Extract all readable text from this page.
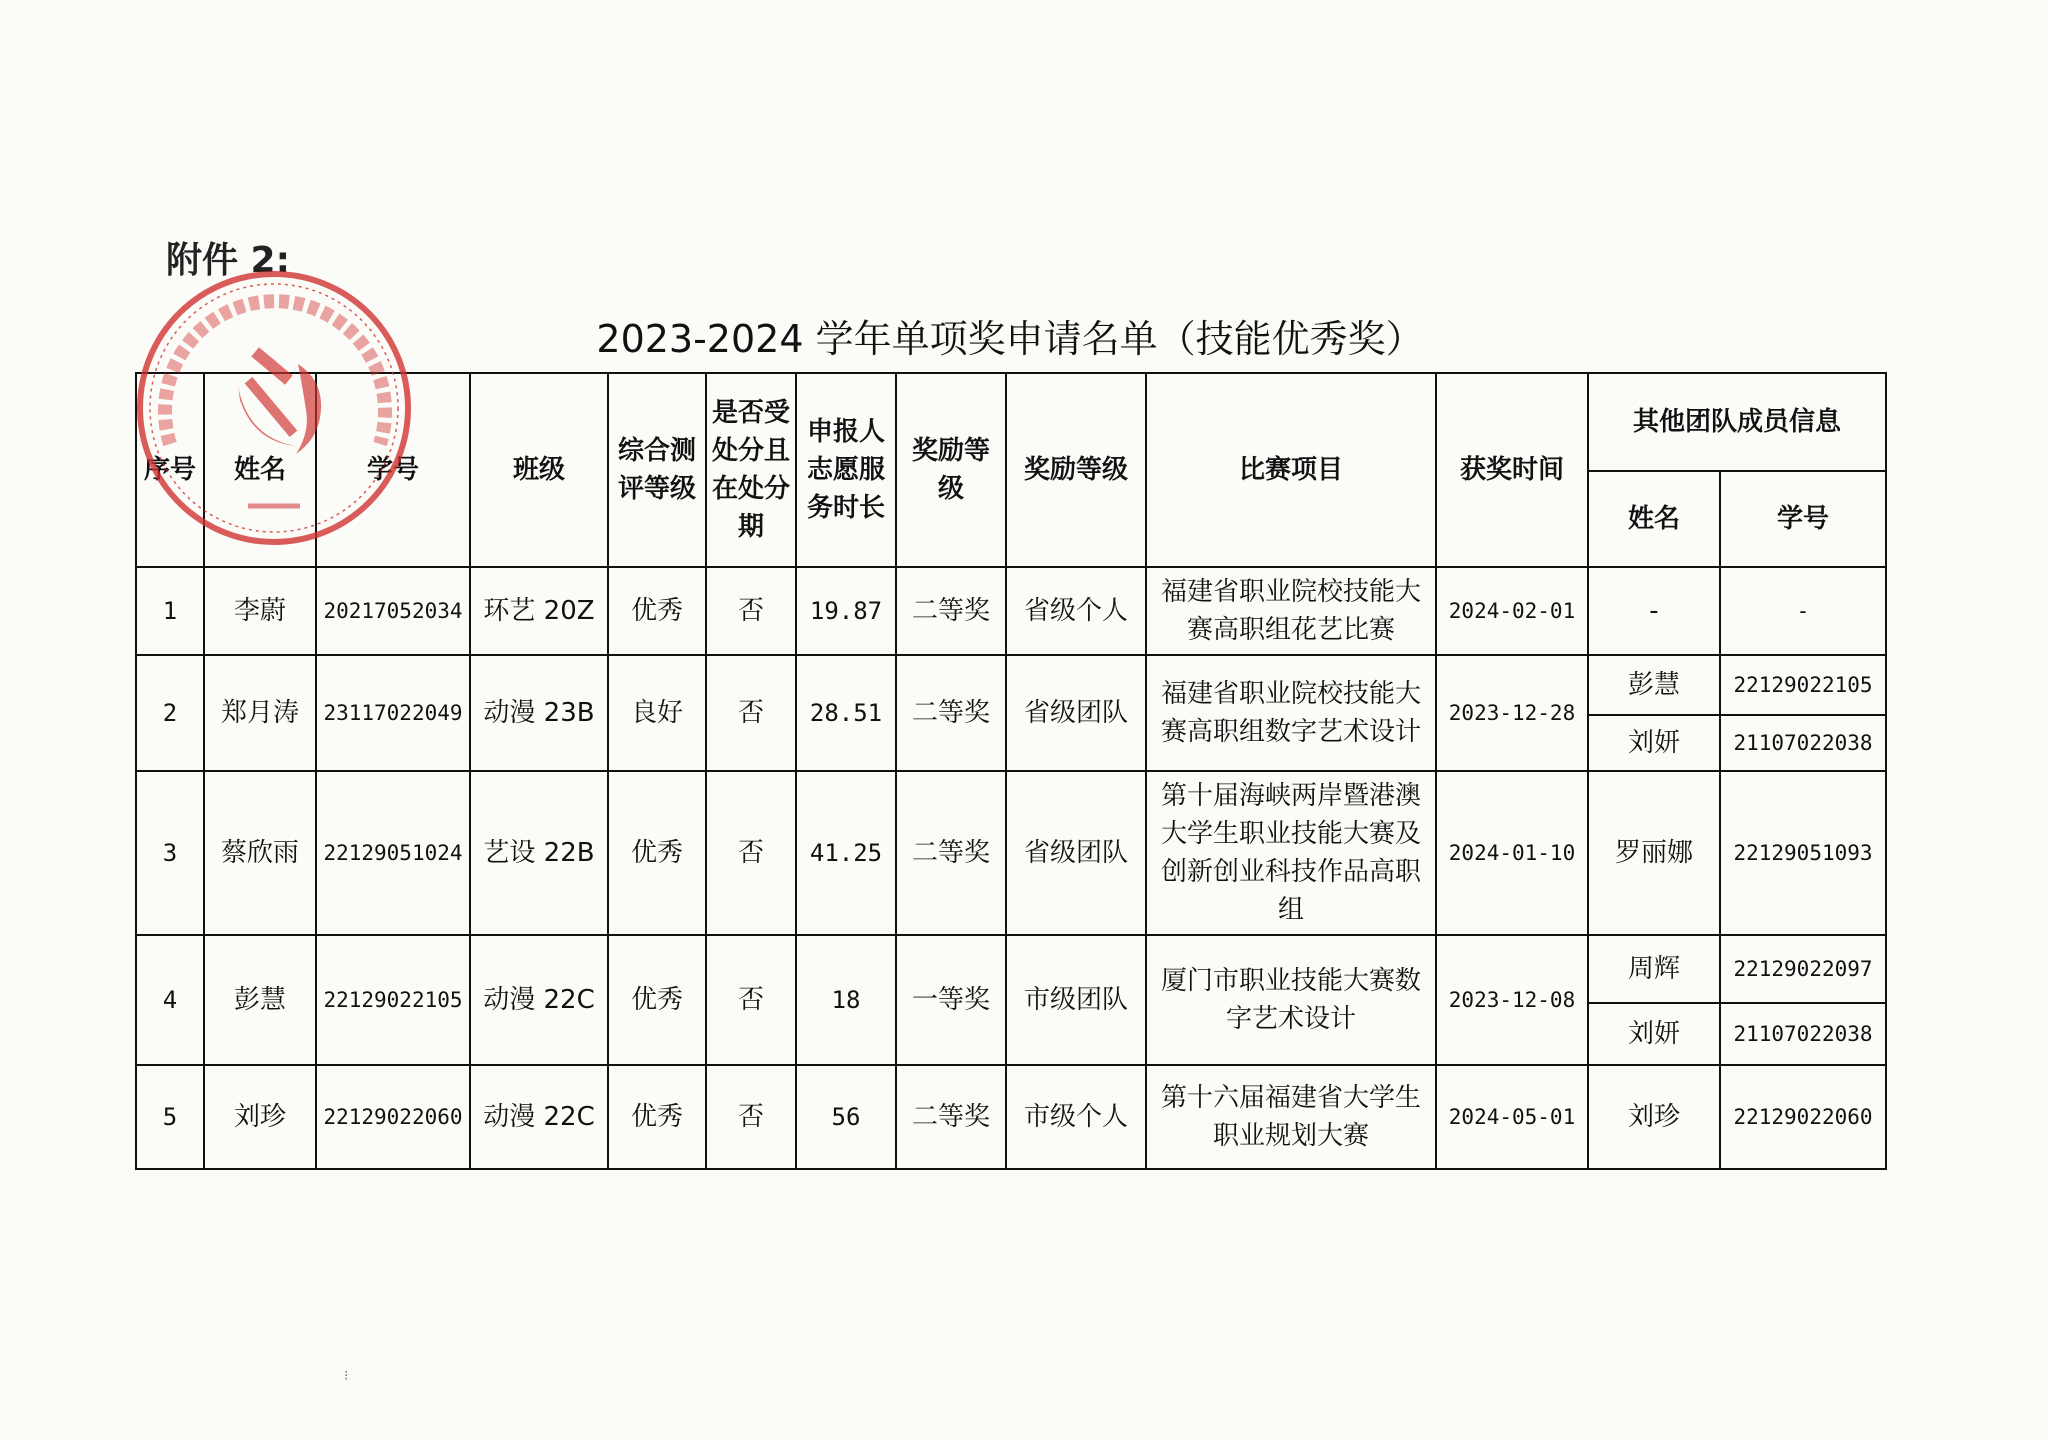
附件 2:
2023-2024 学年单项奖申请名单（技能优秀奖）
序号	姓名	学号	班级	综合测评等级	是否受处分且在处分期	申报人志愿服务时长	奖励等级	奖励等级	比赛项目	获奖时间	其他团队成员信息	
											姓名	学号
1	李蔚	20217052034	环艺 20Z	优秀	否	19.87	二等奖	省级个人	福建省职业院校技能大赛高职组花艺比赛	2024-02-01	-	-
2	郑月涛	23117022049	动漫 23B	良好	否	28.51	二等奖	省级团队	福建省职业院校技能大赛高职组数字艺术设计	2023-12-28	彭慧	22129022105
											刘妍	21107022038
3	蔡欣雨	22129051024	艺设 22B	优秀	否	41.25	二等奖	省级团队	第十届海峡两岸暨港澳大学生职业技能大赛及创新创业科技作品高职组	2024-01-10	罗丽娜	22129051093
4	彭慧	22129022105	动漫 22C	优秀	否	18	一等奖	市级团队	厦门市职业技能大赛数字艺术设计	2023-12-08	周辉	22129022097
											刘妍	21107022038
5	刘珍	22129022060	动漫 22C	优秀	否	56	二等奖	市级个人	第十六届福建省大学生职业规划大赛	2024-05-01	刘珍	22129022060
⁝
